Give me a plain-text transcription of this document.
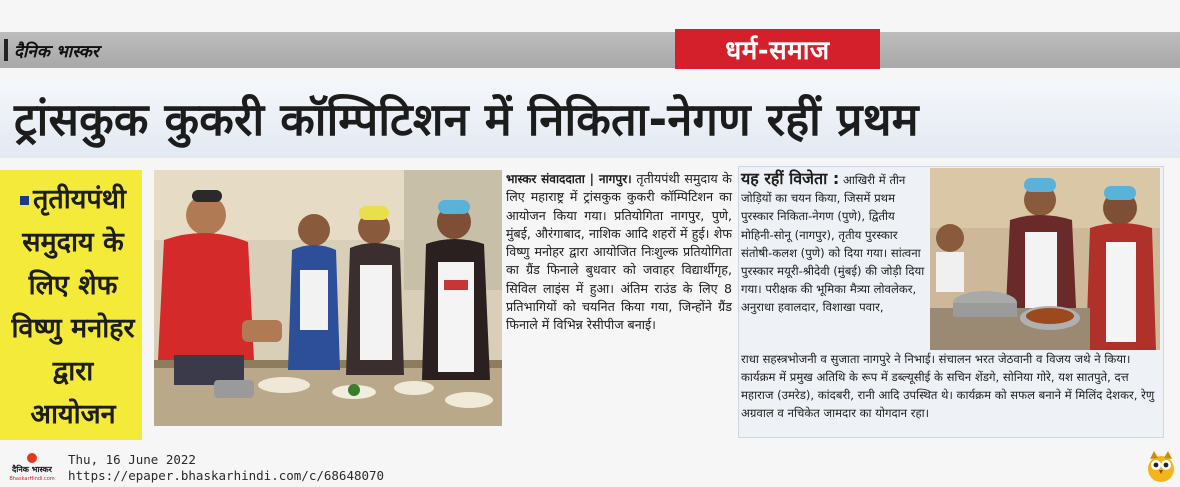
दैनिक भास्कर	धर्म-समाज
ट्रांसकुक कुकरी कॉम्पिटिशन में निकिता-नेगण रहीं प्रथम
तृतीयपंथी समुदाय के लिए शेफ विष्णु मनोहर द्वारा आयोजन
भास्कर संवाददाता | नागपुर। तृतीयपंथी समुदाय के लिए महाराष्ट्र में ट्रांसकुक कुकरी कॉम्पिटिशन का आयोजन किया गया। प्रतियोगिता नागपुर, पुणे, मुंबई, औरंगाबाद, नाशिक आदि शहरों में हुई। शेफ विष्णु मनोहर द्वारा आयोजित निःशुल्क प्रतियोगिता का ग्रैंड फिनाले बुधवार को जवाहर विद्यार्थीगृह, सिविल लाइंस में हुआ। अंतिम राउंड के लिए 8 प्रतिभागियों को चयनित किया गया, जिन्होंने ग्रैंड फिनाले में विभिन्न रेसीपीज बनाई।
यह रहीं विजेता : आखिरी में तीन जोड़ियों का चयन किया, जिसमें प्रथम पुरस्कार निकिता-नेगण (पुणे), द्वितीय मोहिनी-सोनू (नागपुर), तृतीय पुरस्कार संतोषी-कलश (पुणे) को दिया गया। सांत्वना पुरस्कार मयूरी-श्रीदेवी (मुंबई) की जोड़ी दिया गया। परीक्षक की भूमिका मैत्र्या लोवलेकर, अनुराधा हवालदार, विशाखा पवार,
राधा सहस्त्रभोजनी व सुजाता नागपुरे ने निभाई। संचालन भरत जेठवानी व विजय जथे ने किया। कार्यक्रम में प्रमुख अतिथि के रूप में डब्ल्यूसीई के सचिन शेंडगे, सोनिया गोरे, यश सातपुते, दत्त महाराज (उमरेड), कांदबरी, रानी आदि उपस्थित थे। कार्यक्रम को सफल बनाने में मिलिंद देशकर, रेणु अग्रवाल व नचिकेत जामदार का योगदान रहा।
दैनिक भास्कर
BhaskarHindi.com
Thu, 16 June 2022
https://epaper.bhaskarhindi.com/c/68648070
